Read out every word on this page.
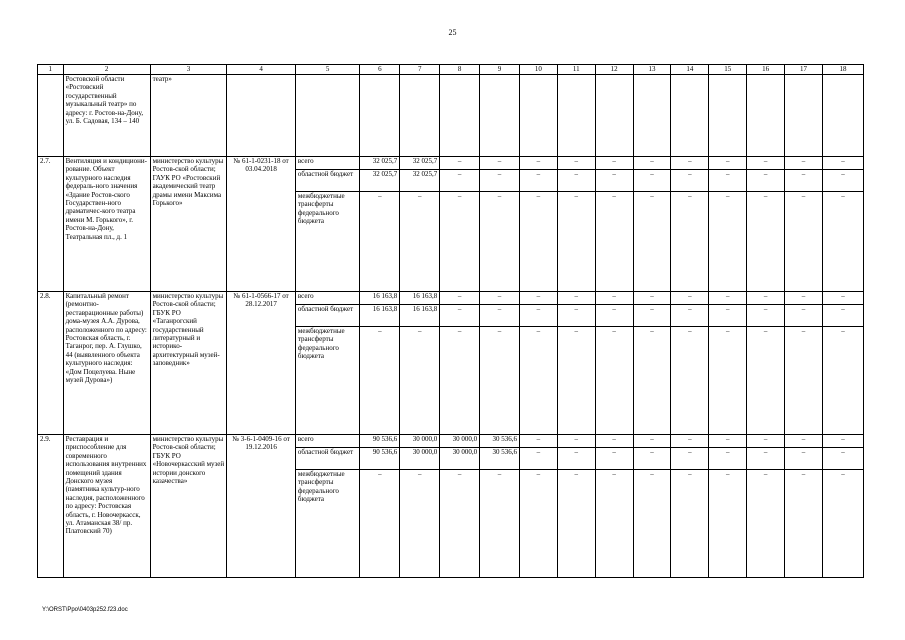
25
1	2	3	4	5	6	7	8	9	10	11	12	13	14	15	16	17	18
	Ростовской области «Ростовский государственный музыкальный театр» по адресу: г. Ростов-на-Дону, ул. Б. Садовая, 134 – 140	театр»															
2.7.	Вентиляция и кондициони-рование. Объект культурного наследия федераль-ного значения «Здание Ростов-ского Государствен-ного драматичес-кого театра имени М. Горького», г. Ростов-на-Дону, Театральная пл., д. 1	министерство культуры Ростов-ской области; ГАУК РО «Ростовский академический театр драмы имени Максима Горького»	№ 61-1-0231-18 от 03.04.2018	всего	32 025,7	32 025,7	–	–	–	–	–	–	–	–	–	–	–
				областной бюджет	32 025,7	32 025,7	–	–	–	–	–	–	–	–	–	–	–
				межбюджетные трансферты федерального бюджета	–	–	–	–	–	–	–	–	–	–	–	–	–
2.8.	Капитальный ремонт (ремонтно-реставрационные работы) дома-музея А.А. Дурова, расположенного по адресу: Ростовская область, г. Таганрог, пер. А. Глушко, 44 (выявленного объекта культурного наследия: «Дом Поцелуева. Ныне музей Дурова»)	министерство культуры Ростов-ской области; ГБУК РО «Таганрогский государственный литературный и историко-архитектурный музей-заповедник»	№ 61-1-0566-17 от 28.12.2017	всего	16 163,8	16 163,8	–	–	–	–	–	–	–	–	–	–	–
				областной бюджет	16 163,8	16 163,8	–	–	–	–	–	–	–	–	–	–	–
				межбюджетные трансферты федерального бюджета	–	–	–	–	–	–	–	–	–	–	–	–	–
2.9.	Реставрация и приспособление для современного использования внутренних помещений здания Донского музея (памятника культур-ного наследия, расположенного по адресу: Ростовская область, г. Новочеркасск, ул. Атаманская 38/ пр. Платовский 70)	министерство культуры Ростов-ской области; ГБУК РО «Новочеркасский музей истории донского казачества»	№ 3-6-1-0409-16 от 19.12.2016	всего	90 536,6	30 000,0	30 000,0	30 536,6	–	–	–	–	–	–	–	–	–
				областной бюджет	90 536,6	30 000,0	30 000,0	30 536,6	–	–	–	–	–	–	–	–	–
				межбюджетные трансферты федерального бюджета	–	–	–	–	–	–	–	–	–	–	–	–	–
Y:\ORST\Ppo\0403p252.f23.doc
